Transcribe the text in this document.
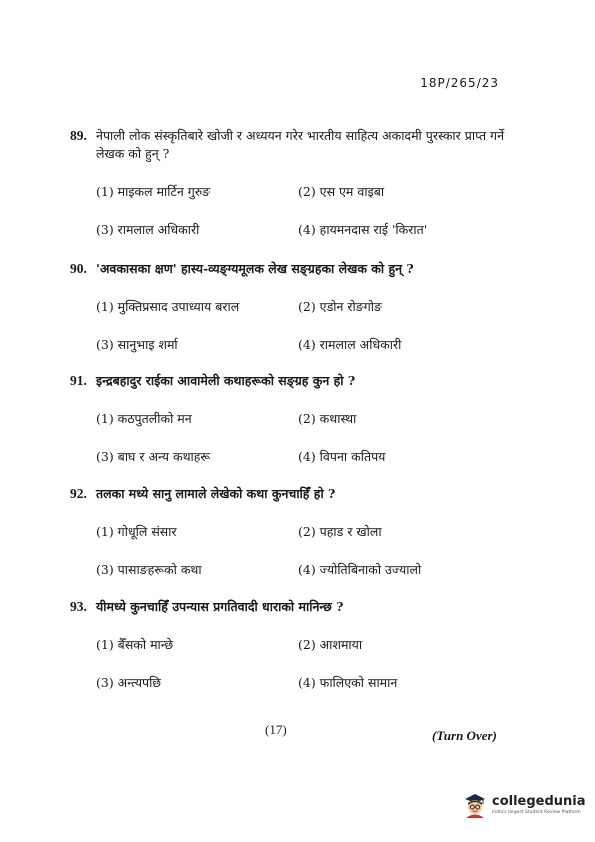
18P/265/23
89. नेपाली लोक संस्कृतिबारे खोजी र अध्ययन गरेर भारतीय साहित्य अकादमी पुरस्कार प्राप्त गर्ने लेखक को हुन् ?
(1) माइकल मार्टिन गुरुङ	(2) एस एम वाइबा
(3) रामलाल अधिकारी	(4) हायमनदास राई 'किरात'
90. 'अवकासका क्षण' हास्य-व्यङ्ग्यमूलक लेख सङ्ग्रहका लेखक को हुन् ?
(1) मुक्तिप्रसाद उपाध्याय बराल	(2) एडोन रोङगोङ
(3) सानुभाइ शर्मा	(4) रामलाल अधिकारी
91. इन्द्रबहादुर राईका आवामेली कथाहरूको सङ्ग्रह कुन हो ?
(1) कठपुतलीको मन	(2) कथास्था
(3) बाघ र अन्य कथाहरू	(4) विपना कतिपय
92. तलका मध्ये सानु लामाले लेखेको कथा कुनचाहिँ हो ?
(1) गोधूलि संसार	(2) पहाड र खोला
(3) पासाङहरूको कथा	(4) ज्योतिबिनाको उज्यालो
93. यीमध्ये कुनचाहिँ उपन्यास प्रगतिवादी धाराको मानिन्छ ?
(1) बैँसको मान्छे	(2) आशमाया
(3) अन्त्यपछि	(4) फालिएको सामान
(17)	(Turn Over)
collegedunia
India's largest Student Review Platform
